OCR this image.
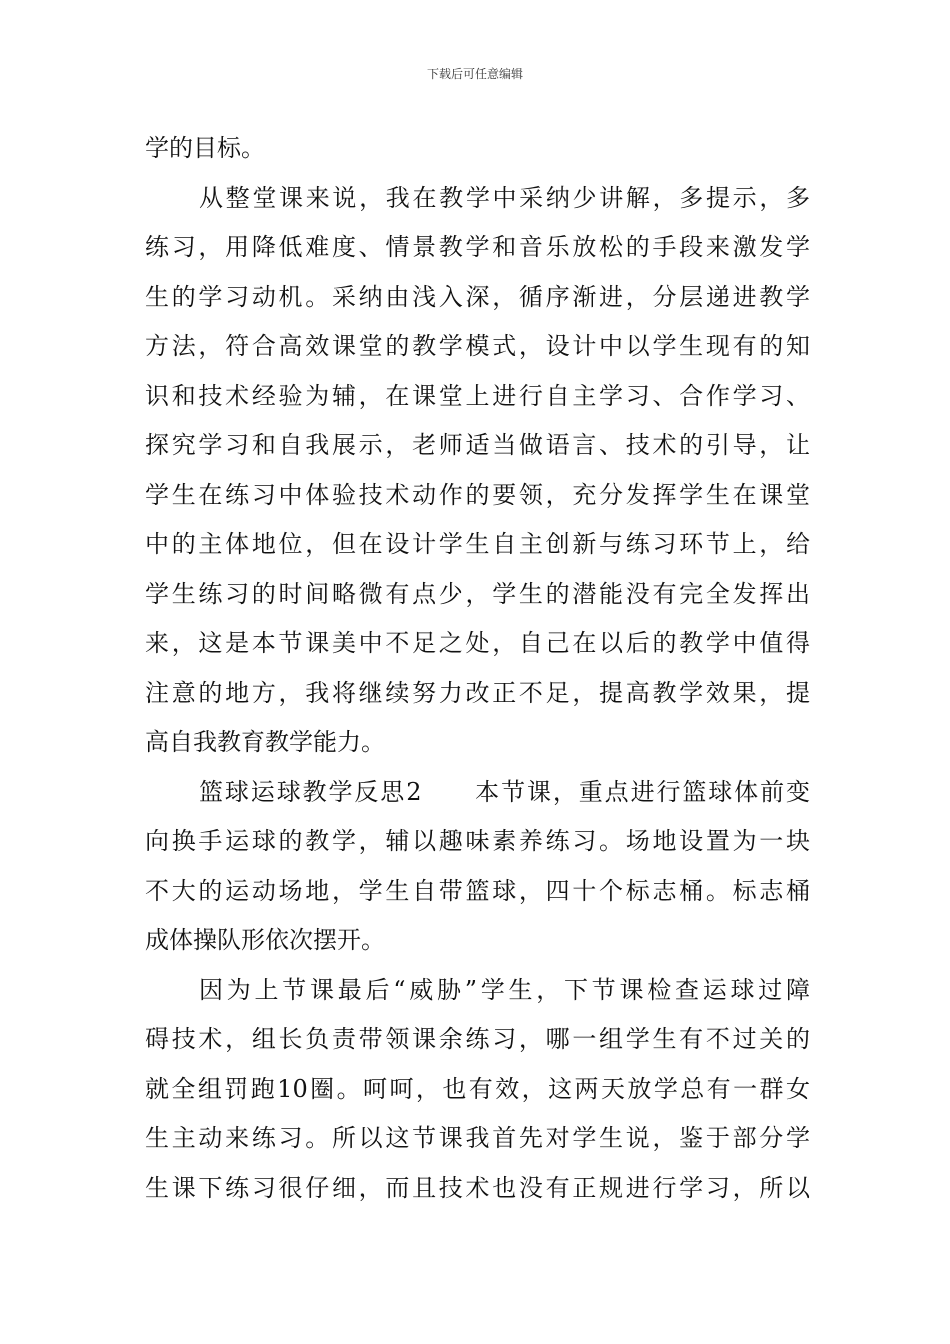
下载后可任意编辑
学的目标。
从整堂课来说，我在教学中采纳少讲解，多提示，多
练习，用降低难度、情景教学和音乐放松的手段来激发学
生的学习动机。采纳由浅入深，循序渐进，分层递进教学
方法，符合高效课堂的教学模式，设计中以学生现有的知
识和技术经验为辅，在课堂上进行自主学习、合作学习、
探究学习和自我展示，老师适当做语言、技术的引导，让
学生在练习中体验技术动作的要领，充分发挥学生在课堂
中的主体地位，但在设计学生自主创新与练习环节上，给
学生练习的时间略微有点少，学生的潜能没有完全发挥出
来，这是本节课美中不足之处，自己在以后的教学中值得
注意的地方，我将继续努力改正不足，提高教学效果，提
高自我教育教学能力。
篮球运球教学反思2　　本节课，重点进行篮球体前变
向换手运球的教学，辅以趣味素养练习。场地设置为一块
不大的运动场地，学生自带篮球，四十个标志桶。标志桶
成体操队形依次摆开。
因为上节课最后“威胁”学生，下节课检查运球过障
碍技术，组长负责带领课余练习，哪一组学生有不过关的
就全组罚跑10圈。呵呵，也有效，这两天放学总有一群女
生主动来练习。所以这节课我首先对学生说，鉴于部分学
生课下练习很仔细，而且技术也没有正规进行学习，所以
